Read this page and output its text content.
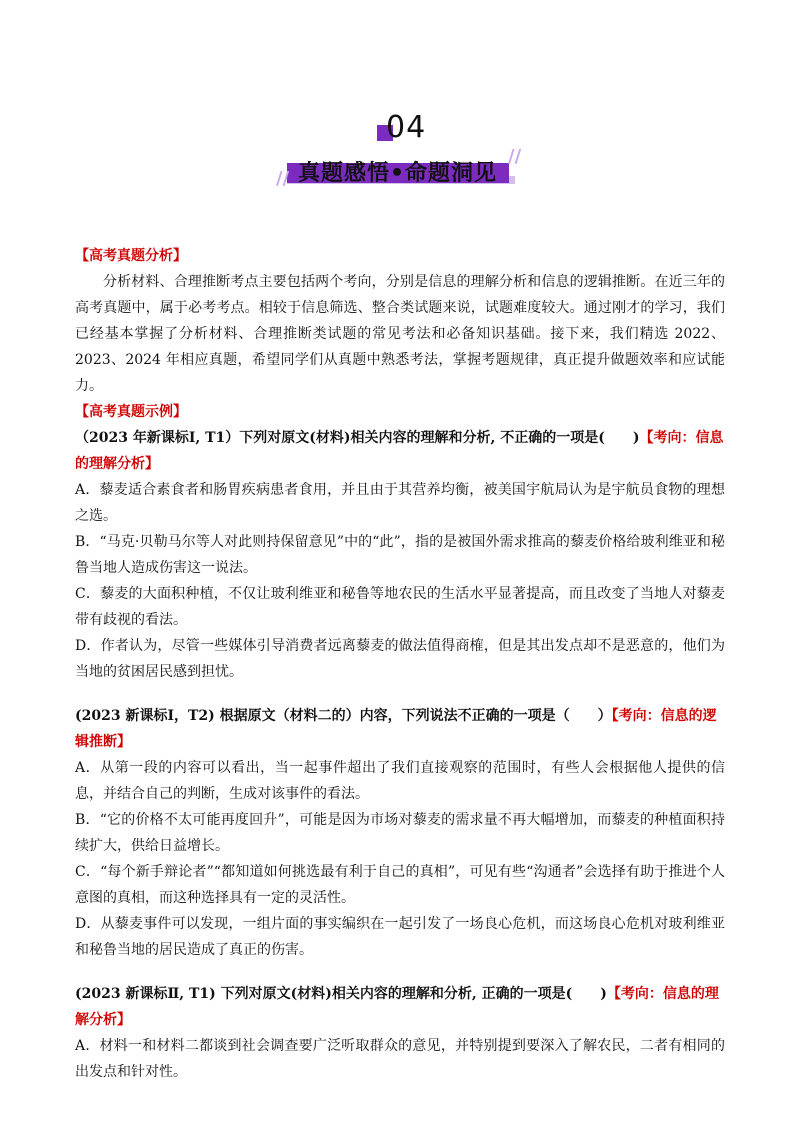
04
真题感悟•命题洞见
//
//

【高考真题分析】

分析材料、合理推断考点主要包括两个考向，分别是信息的理解分析和信息的逻辑推断。在近三年的高考真题中，属于必考考点。相较于信息筛选、整合类试题来说，试题难度较大。通过刚才的学习，我们已经基本掌握了分析材料、合理推断类试题的常见考法和必备知识基础。接下来，我们精选 2022、2023、2024 年相应真题，希望同学们从真题中熟悉考法，掌握考题规律，真正提升做题效率和应试能力。

【高考真题示例】

（2023 年新课标Ⅰ, T1）下列对原文(材料)相关内容的理解和分析, 不正确的一项是(　　)【考向：信息的理解分析】

A．藜麦适合素食者和肠胃疾病患者食用，并且由于其营养均衡，被美国宇航局认为是宇航员食物的理想之选。

B．“马克·贝勒马尔等人对此则持保留意见”中的“此”，指的是被国外需求推高的藜麦价格给玻利维亚和秘鲁当地人造成伤害这一说法。

C．藜麦的大面积种植，不仅让玻利维亚和秘鲁等地农民的生活水平显著提高，而且改变了当地人对藜麦带有歧视的看法。

D．作者认为，尽管一些媒体引导消费者远离藜麦的做法值得商榷，但是其出发点却不是恶意的，他们为当地的贫困居民感到担忧。

(2023 新课标Ⅰ，T2) 根据原文（材料二的）内容，下列说法不正确的一项是（　　）【考向：信息的逻辑推断】

A．从第一段的内容可以看出，当一起事件超出了我们直接观察的范围时，有些人会根据他人提供的信息，并结合自己的判断，生成对该事件的看法。

B．“它的价格不太可能再度回升”，可能是因为市场对藜麦的需求量不再大幅增加，而藜麦的种植面积持续扩大，供给日益增长。

C．“每个新手辩论者”“都知道如何挑选最有利于自己的真相”，可见有些“沟通者”会选择有助于推进个人意图的真相，而这种选择具有一定的灵活性。

D．从藜麦事件可以发现，一组片面的事实编织在一起引发了一场良心危机，而这场良心危机对玻利维亚和秘鲁当地的居民造成了真正的伤害。

(2023 新课标Ⅱ, T1) 下列对原文(材料)相关内容的理解和分析, 正确的一项是(　　)【考向：信息的理解分析】

A．材料一和材料二都谈到社会调查要广泛听取群众的意见，并特别提到要深入了解农民，二者有相同的出发点和针对性。
